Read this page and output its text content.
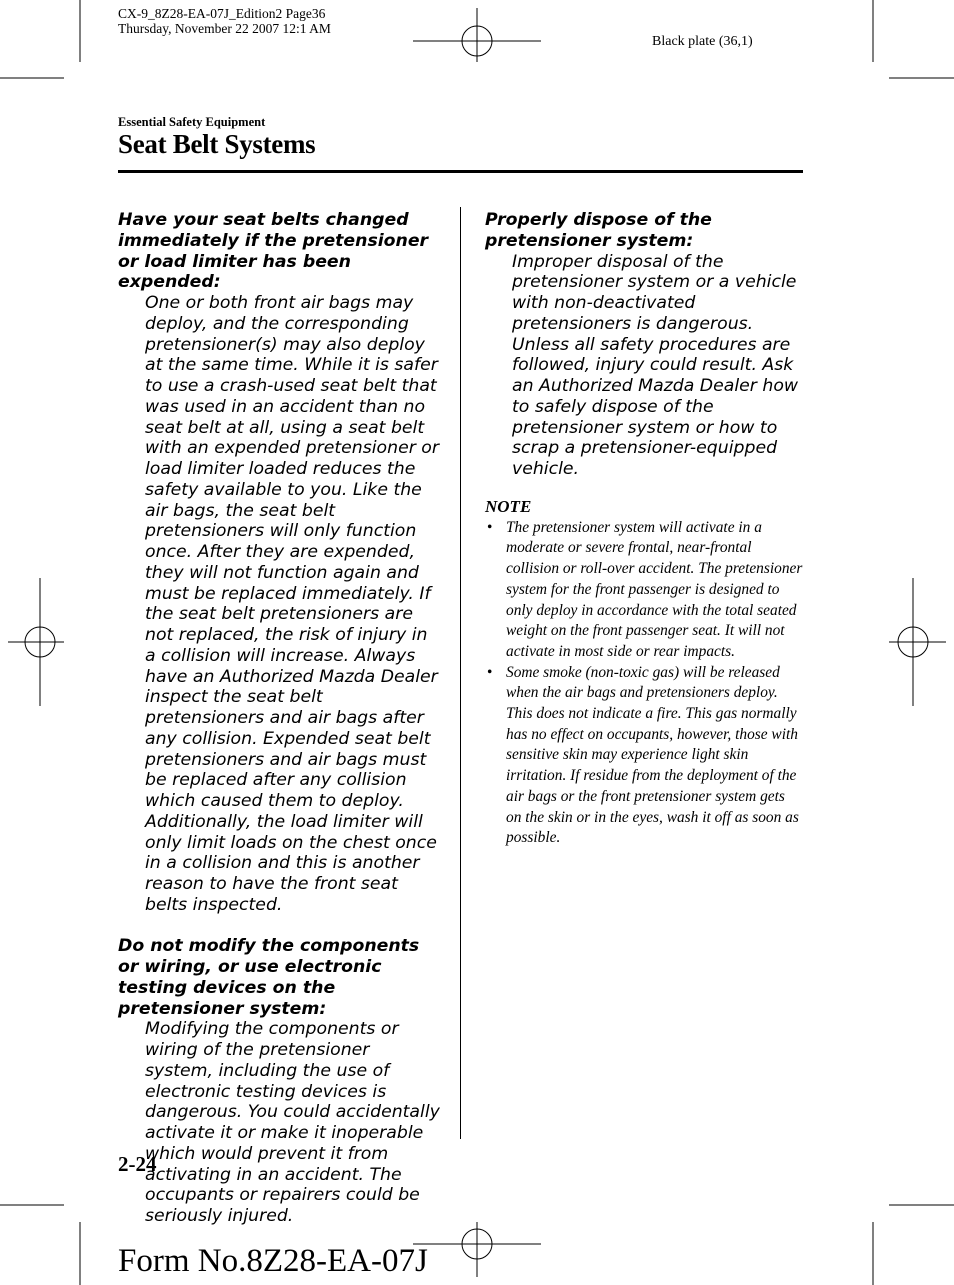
CX-9_8Z28-EA-07J_Edition2 Page36
Thursday, November 22 2007 12:1 AM
Black plate (36,1)
Essential Safety Equipment
Seat Belt Systems

Have your seat belts changed immediately if the pretensioner or load limiter has been expended:

One or both front air bags may deploy, and the corresponding pretensioner(s) may also deploy at the same time. While it is safer to use a crash-used seat belt that was used in an accident than no seat belt at all, using a seat belt with an expended pretensioner or load limiter loaded reduces the safety available to you. Like the air bags, the seat belt pretensioners will only function once. After they are expended, they will not function again and must be replaced immediately. If the seat belt pretensioners are not replaced, the risk of injury in a collision will increase. Always have an Authorized Mazda Dealer inspect the seat belt pretensioners and air bags after any collision. Expended seat belt pretensioners and air bags must be replaced after any collision which caused them to deploy. Additionally, the load limiter will only limit loads on the chest once in a collision and this is another reason to have the front seat belts inspected.

Do not modify the components or wiring, or use electronic testing devices on the pretensioner system:

Modifying the components or wiring of the pretensioner system, including the use of electronic testing devices is dangerous. You could accidentally activate it or make it inoperable which would prevent it from activating in an accident. The occupants or repairers could be seriously injured.

Properly dispose of the pretensioner system:

Improper disposal of the pretensioner system or a vehicle with non-deactivated pretensioners is dangerous. Unless all safety procedures are followed, injury could result. Ask an Authorized Mazda Dealer how to safely dispose of the pretensioner system or how to scrap a pretensioner-equipped vehicle.

NOTE
• The pretensioner system will activate in a moderate or severe frontal, near-frontal collision or roll-over accident. The pretensioner system for the front passenger is designed to only deploy in accordance with the total seated weight on the front passenger seat. It will not activate in most side or rear impacts.
• Some smoke (non-toxic gas) will be released when the air bags and pretensioners deploy. This does not indicate a fire. This gas normally has no effect on occupants, however, those with sensitive skin may experience light skin irritation. If residue from the deployment of the air bags or the front pretensioner system gets on the skin or in the eyes, wash it off as soon as possible.
2-24
Form No.8Z28-EA-07J
